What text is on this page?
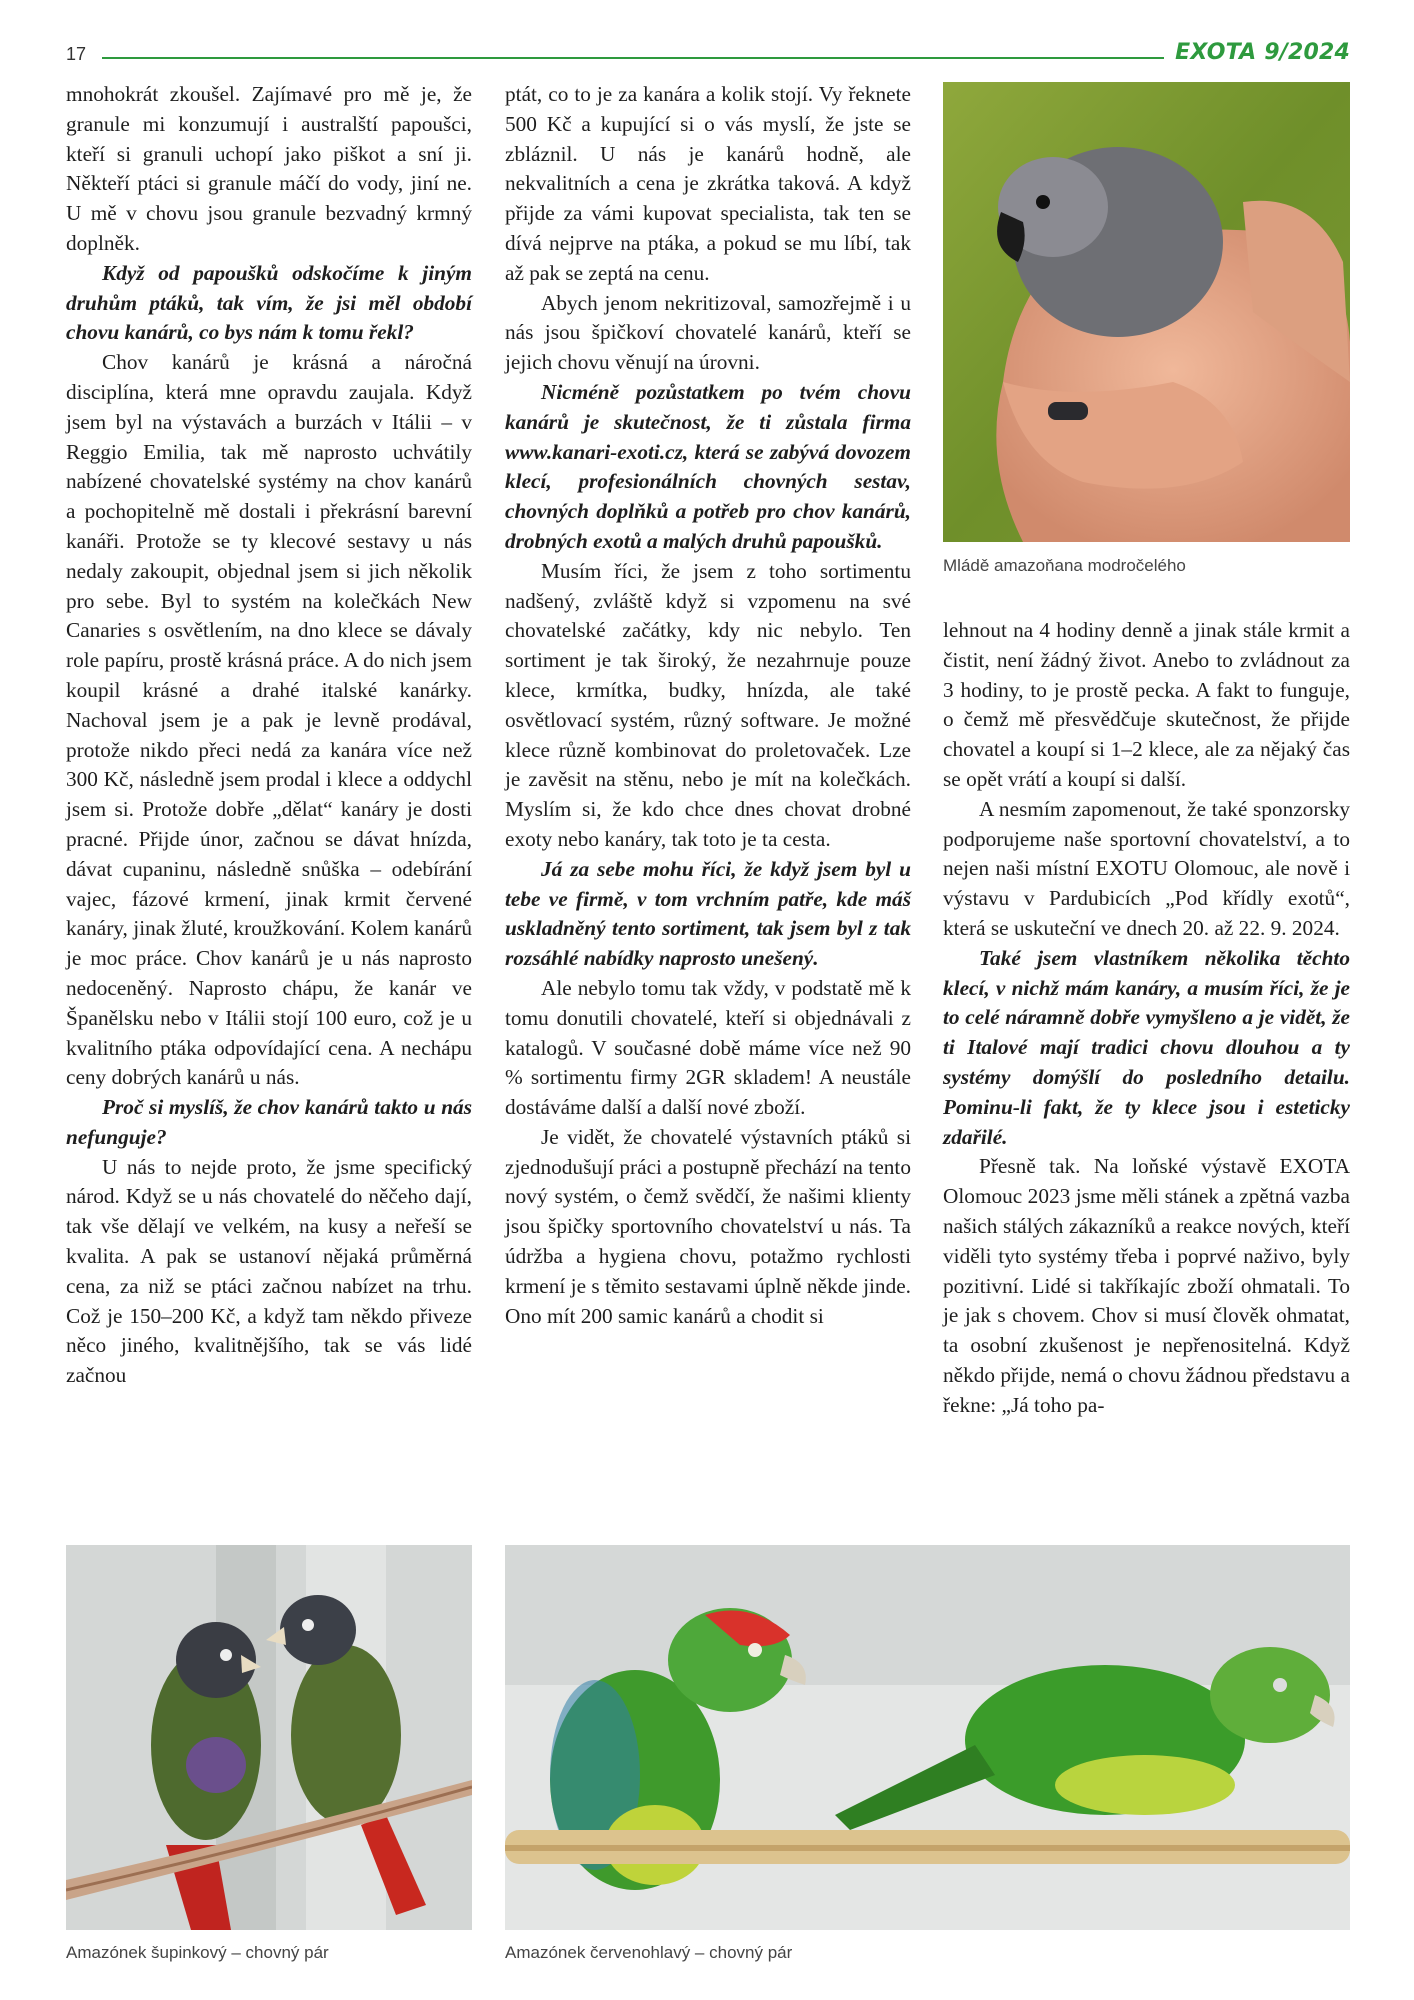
17	EXOTA 9/2024

mnohokrát zkoušel. Zajímavé pro mě je, že granule mi konzumují i australští papoušci, kteří si granuli uchopí jako piškot a sní ji. Někteří ptáci si granule máčí do vody, jiní ne. U mě v chovu jsou granule bezvadný krmný doplněk.

Když od papoušků odskočíme k jiným druhům ptáků, tak vím, že jsi měl období chovu kanárů, co bys nám k tomu řekl?

Chov kanárů je krásná a náročná disciplína, která mne opravdu zaujala. Když jsem byl na výstavách a burzách v Itálii – v Reggio Emilia, tak mě naprosto uchvátily nabízené chovatelské systémy na chov kanárů a pochopitelně mě dostali i překrásní barevní kanáři. Protože se ty klecové sestavy u nás nedaly zakoupit, objednal jsem si jich několik pro sebe. Byl to systém na kolečkách New Canaries s osvětlením, na dno klece se dávaly role papíru, prostě krásná práce. A do nich jsem koupil krásné a drahé italské kanárky. Nachoval jsem je a pak je levně prodával, protože nikdo přeci nedá za kanára více než 300 Kč, následně jsem prodal i klece a oddychl jsem si. Protože dobře „dělat“ kanáry je dosti pracné. Přijde únor, začnou se dávat hnízda, dávat cupaninu, následně snůška – odebírání vajec, fázové krmení, jinak krmit červené kanáry, jinak žluté, kroužkování. Kolem kanárů je moc práce. Chov kanárů je u nás naprosto nedoceněný. Naprosto chápu, že kanár ve Španělsku nebo v Itálii stojí 100 euro, což je u kvalitního ptáka odpovídající cena. A nechápu ceny dobrých kanárů u nás.

Proč si myslíš, že chov kanárů takto u nás nefunguje?

U nás to nejde proto, že jsme specifický národ. Když se u nás chovatelé do něčeho dají, tak vše dělají ve velkém, na kusy a neřeší se kvalita. A pak se ustanoví nějaká průměrná cena, za niž se ptáci začnou nabízet na trhu. Což je 150–200 Kč, a když tam někdo přiveze něco jiného, kvalitnějšího, tak se vás lidé začnou

ptát, co to je za kanára a kolik stojí. Vy řeknete 500 Kč a kupující si o vás myslí, že jste se zbláznil. U nás je kanárů hodně, ale nekvalitních a cena je zkrátka taková. A když přijde za vámi kupovat specialista, tak ten se dívá nejprve na ptáka, a pokud se mu líbí, tak až pak se zeptá na cenu.

Abych jenom nekritizoval, samozřejmě i u nás jsou špičkoví chovatelé kanárů, kteří se jejich chovu věnují na úrovni.

Nicméně pozůstatkem po tvém chovu kanárů je skutečnost, že ti zůstala firma www.kanari-exoti.cz, která se zabývá dovozem klecí, profesionálních chovných sestav, chovných doplňků a potřeb pro chov kanárů, drobných exotů a malých druhů papoušků.

Musím říci, že jsem z toho sortimentu nadšený, zvláště když si vzpomenu na své chovatelské začátky, kdy nic nebylo. Ten sortiment je tak široký, že nezahrnuje pouze klece, krmítka, budky, hnízda, ale také osvětlovací systém, různý software. Je možné klece různě kombinovat do proletovaček. Lze je zavěsit na stěnu, nebo je mít na kolečkách. Myslím si, že kdo chce dnes chovat drobné exoty nebo kanáry, tak toto je ta cesta.

Já za sebe mohu říci, že když jsem byl u tebe ve firmě, v tom vrchním patře, kde máš uskladněný tento sortiment, tak jsem byl z tak rozsáhlé nabídky naprosto unešený.

Ale nebylo tomu tak vždy, v podstatě mě k tomu donutili chovatelé, kteří si objednávali z katalogů. V současné době máme více než 90 % sortimentu firmy 2GR skladem! A neustále dostáváme další a další nové zboží.

Je vidět, že chovatelé výstavních ptáků si zjednodušují práci a postupně přechází na tento nový systém, o čemž svědčí, že našimi klienty jsou špičky sportovního chovatelství u nás. Ta údržba a hygiena chovu, potažmo rychlosti krmení je s těmito sestavami úplně někde jinde. Ono mít 200 samic kanárů a chodit si

lehnout na 4 hodiny denně a jinak stále krmit a čistit, není žádný život. Anebo to zvládnout za 3 hodiny, to je prostě pecka. A fakt to funguje, o čemž mě přesvědčuje skutečnost, že přijde chovatel a koupí si 1–2 klece, ale za nějaký čas se opět vrátí a koupí si další.

A nesmím zapomenout, že také sponzorsky podporujeme naše sportovní chovatelství, a to nejen naši místní EXOTU Olomouc, ale nově i výstavu v Pardubicích „Pod křídly exotů“, která se uskuteční ve dnech 20. až 22. 9. 2024.

Také jsem vlastníkem několika těchto klecí, v nichž mám kanáry, a musím říci, že je to celé náramně dobře vymyšleno a je vidět, že ti Italové mají tradici chovu dlouhou a ty systémy domýšlí do posledního detailu. Pominu-li fakt, že ty klece jsou i esteticky zdařilé.

Přesně tak. Na loňské výstavě EXOTA Olomouc 2023 jsme měli stánek a zpětná vazba našich stálých zákazníků a reakce nových, kteří viděli tyto systémy třeba i poprvé naživo, byly pozitivní. Lidé si takříkajíc zboží ohmatali. To je jak s chovem. Chov si musí člověk ohmatat, ta osobní zkušenost je nepřenositelná. Když někdo přijde, nemá o chovu žádnou představu a řekne: „Já toho pa-

Mládě amazoňana modročelého
Amazónek šupinkový – chovný pár	Amazónek červenohlavý – chovný pár
